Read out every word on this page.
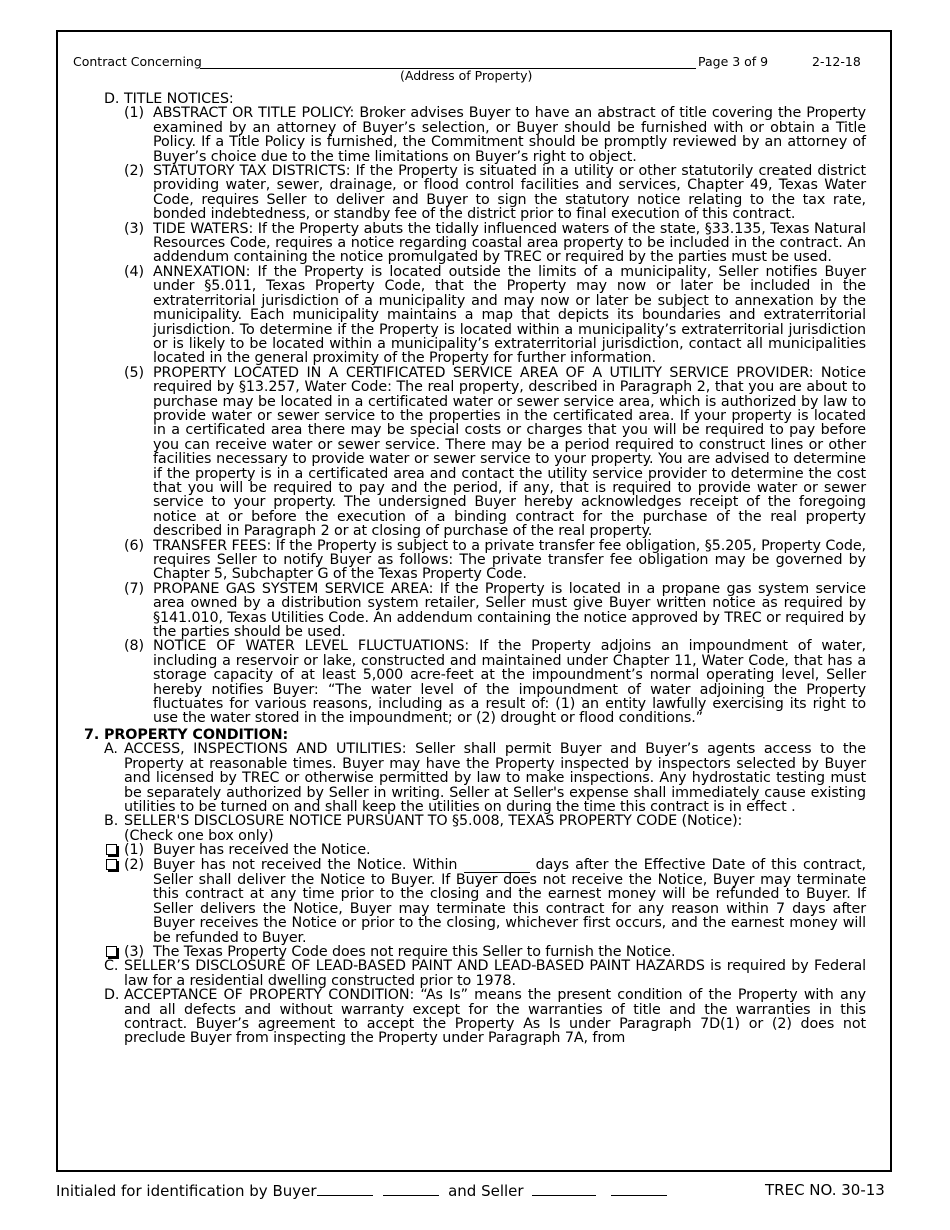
Contract Concerning	Page 3 of 9	2-12-18
(Address of Property)
D. TITLE NOTICES:
(1) ABSTRACT OR TITLE POLICY: Broker advises Buyer to have an abstract of title covering the Property examined by an attorney of Buyer’s selection, or Buyer should be furnished with or obtain a Title Policy. If a Title Policy is furnished, the Commitment should be promptly reviewed by an attorney of Buyer’s choice due to the time limitations on Buyer’s right to object.
(2) STATUTORY TAX DISTRICTS: If the Property is situated in a utility or other statutorily created district providing water, sewer, drainage, or flood control facilities and services, Chapter 49, Texas Water Code, requires Seller to deliver and Buyer to sign the statutory notice relating to the tax rate, bonded indebtedness, or standby fee of the district prior to final execution of this contract.
(3) TIDE WATERS: If the Property abuts the tidally influenced waters of the state, §33.135, Texas Natural Resources Code, requires a notice regarding coastal area property to be included in the contract. An addendum containing the notice promulgated by TREC or required by the parties must be used.
(4) ANNEXATION: If the Property is located outside the limits of a municipality, Seller notifies Buyer under §5.011, Texas Property Code, that the Property may now or later be included in the extraterritorial jurisdiction of a municipality and may now or later be subject to annexation by the municipality. Each municipality maintains a map that depicts its boundaries and extraterritorial jurisdiction. To determine if the Property is located within a municipality’s extraterritorial jurisdiction or is likely to be located within a municipality’s extraterritorial jurisdiction, contact all municipalities located in the general proximity of the Property for further information.
(5) PROPERTY LOCATED IN A CERTIFICATED SERVICE AREA OF A UTILITY SERVICE PROVIDER: Notice required by §13.257, Water Code: The real property, described in Paragraph 2, that you are about to purchase may be located in a certificated water or sewer service area, which is authorized by law to provide water or sewer service to the properties in the certificated area. If your property is located in a certificated area there may be special costs or charges that you will be required to pay before you can receive water or sewer service. There may be a period required to construct lines or other facilities necessary to provide water or sewer service to your property. You are advised to determine if the property is in a certificated area and contact the utility service provider to determine the cost that you will be required to pay and the period, if any, that is required to provide water or sewer service to your property. The undersigned Buyer hereby acknowledges receipt of the foregoing notice at or before the execution of a binding contract for the purchase of the real property described in Paragraph 2 or at closing of purchase of the real property.
(6) TRANSFER FEES: If the Property is subject to a private transfer fee obligation, §5.205, Property Code, requires Seller to notify Buyer as follows: The private transfer fee obligation may be governed by Chapter 5, Subchapter G of the Texas Property Code.
(7) PROPANE GAS SYSTEM SERVICE AREA: If the Property is located in a propane gas system service area owned by a distribution system retailer, Seller must give Buyer written notice as required by §141.010, Texas Utilities Code. An addendum containing the notice approved by TREC or required by the parties should be used.
(8) NOTICE OF WATER LEVEL FLUCTUATIONS: If the Property adjoins an impoundment of water, including a reservoir or lake, constructed and maintained under Chapter 11, Water Code, that has a storage capacity of at least 5,000 acre-feet at the impoundment’s normal operating level, Seller hereby notifies Buyer: “The water level of the impoundment of water adjoining the Property fluctuates for various reasons, including as a result of: (1) an entity lawfully exercising its right to use the water stored in the impoundment; or (2) drought or flood conditions.”
7. PROPERTY CONDITION:
A. ACCESS, INSPECTIONS AND UTILITIES: Seller shall permit Buyer and Buyer’s agents access to the Property at reasonable times. Buyer may have the Property inspected by inspectors selected by Buyer and licensed by TREC or otherwise permitted by law to make inspections. Any hydrostatic testing must be separately authorized by Seller in writing. Seller at Seller's expense shall immediately cause existing utilities to be turned on and shall keep the utilities on during the time this contract is in effect .
B. SELLER'S DISCLOSURE NOTICE PURSUANT TO §5.008, TEXAS PROPERTY CODE (Notice):
(Check one box only)
(1) Buyer has received the Notice.
(2) Buyer has not received the Notice. Within	days after the Effective Date of this contract, Seller shall deliver the Notice to Buyer. If Buyer does not receive the Notice, Buyer may terminate this contract at any time prior to the closing and the earnest money will be refunded to Buyer. If Seller delivers the Notice, Buyer may terminate this contract for any reason within 7 days after Buyer receives the Notice or prior to the closing, whichever first occurs, and the earnest money will be refunded to Buyer.
(3) The Texas Property Code does not require this Seller to furnish the Notice.
C. SELLER’S DISCLOSURE OF LEAD-BASED PAINT AND LEAD-BASED PAINT HAZARDS is required by Federal law for a residential dwelling constructed prior to 1978.
D. ACCEPTANCE OF PROPERTY CONDITION: “As Is” means the present condition of the Property with any and all defects and without warranty except for the warranties of title and the warranties in this contract. Buyer’s agreement to accept the Property As Is under Paragraph 7D(1) or (2) does not preclude Buyer from inspecting the Property under Paragraph 7A, from
Initialed for identification by Buyer	and Seller	TREC NO. 30-13
